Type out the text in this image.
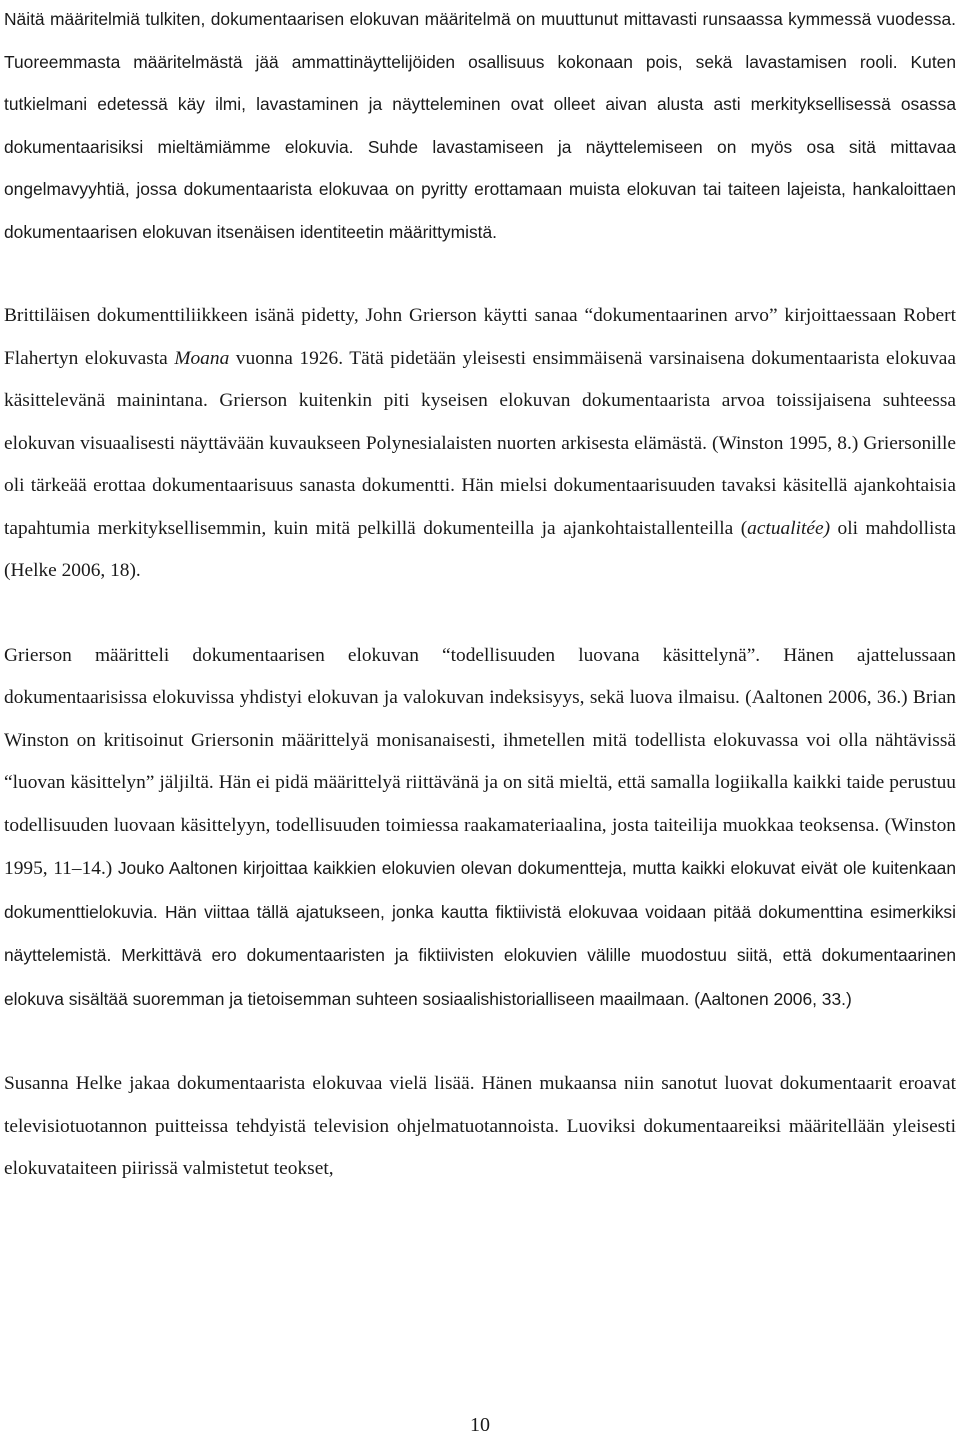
Näitä määritelmiä tulkiten, dokumentaarisen elokuvan määritelmä on muuttunut mittavasti runsaassa kymmessä vuodessa. Tuoreemmasta määritelmästä jää ammattinäyttelijöiden osallisuus kokonaan pois, sekä lavastamisen rooli. Kuten tutkielmani edetessä käy ilmi, lavastaminen ja näytteleminen ovat olleet aivan alusta asti merkityksellisessä osassa dokumentaarisiksi mieltämiämme elokuvia. Suhde lavastamiseen ja näyttelemiseen on myös osa sitä mittavaa ongelmavyyhtiä, jossa dokumentaarista elokuvaa on pyritty erottamaan muista elokuvan tai taiteen lajeista, hankaloittaen dokumentaarisen elokuvan itsenäisen identiteetin määrittymistä.

Brittiläisen dokumenttiliikkeen isänä pidetty, John Grierson käytti sanaa “dokumentaarinen arvo” kirjoittaessaan Robert Flahertyn elokuvasta Moana vuonna 1926. Tätä pidetään yleisesti ensimmäisenä varsinaisena dokumentaarista elokuvaa käsittelevänä mainintana. Grierson kuitenkin piti kyseisen elokuvan dokumentaarista arvoa toissijaisena suhteessa elokuvan visuaalisesti näyttävään kuvaukseen Polynesialaisten nuorten arkisesta elämästä. (Winston 1995, 8.) Griersonille oli tärkeää erottaa dokumentaarisuus sanasta dokumentti. Hän mielsi dokumentaarisuuden tavaksi käsitellä ajankohtaisia tapahtumia merkityksellisemmin, kuin mitä pelkillä dokumenteilla ja ajankohtaistallenteilla (actualitée) oli mahdollista (Helke 2006, 18).

Grierson määritteli dokumentaarisen elokuvan “todellisuuden luovana käsittelynä”. Hänen ajattelussaan dokumentaarisissa elokuvissa yhdistyi elokuvan ja valokuvan indeksisyys, sekä luova ilmaisu. (Aaltonen 2006, 36.) Brian Winston on kritisoinut Griersonin määrittelyä monisanaisesti, ihmetellen mitä todellista elokuvassa voi olla nähtävissä “luovan käsittelyn” jäljiltä. Hän ei pidä määrittelyä riittävänä ja on sitä mieltä, että samalla logiikalla kaikki taide perustuu todellisuuden luovaan käsittelyyn, todellisuuden toimiessa raakamateriaalina, josta taiteilija muokkaa teoksensa. (Winston 1995, 11–14.) Jouko Aaltonen kirjoittaa kaikkien elokuvien olevan dokumentteja, mutta kaikki elokuvat eivät ole kuitenkaan dokumenttielokuvia. Hän viittaa tällä ajatukseen, jonka kautta fiktiivistä elokuvaa voidaan pitää dokumenttina esimerkiksi näyttelemistä. Merkittävä ero dokumentaaristen ja fiktiivisten elokuvien välille muodostuu siitä, että dokumentaarinen elokuva sisältää suoremman ja tietoisemman suhteen sosiaalishistorialliseen maailmaan. (Aaltonen 2006, 33.)

Susanna Helke jakaa dokumentaarista elokuvaa vielä lisää. Hänen mukaansa niin sanotut luovat dokumentaarit eroavat televisiotuotannon puitteissa tehdyistä television ohjelmatuotannoista. Luoviksi dokumentaareiksi määritellään yleisesti elokuvataiteen piirissä valmistetut teokset,

10
